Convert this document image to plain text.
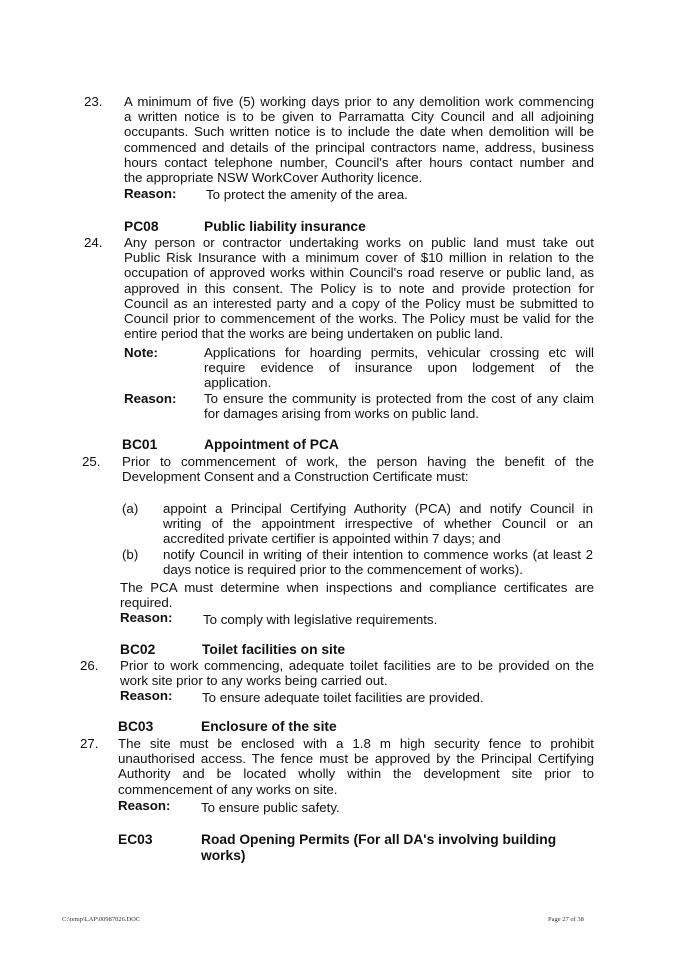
23. A minimum of five (5) working days prior to any demolition work commencing
a written notice is to be given to Parramatta City Council and all adjoining
occupants. Such written notice is to include the date when demolition will be
commenced and details of the principal contractors name, address, business
hours contact telephone number, Council's after hours contact number and
the appropriate NSW WorkCover Authority licence.
Reason: To protect the amenity of the area.
PC08	Public liability insurance
24. Any person or contractor undertaking works on public land must take out
Public Risk Insurance with a minimum cover of $10 million in relation to the
occupation of approved works within Council's road reserve or public land, as
approved in this consent. The Policy is to note and provide protection for
Council as an interested party and a copy of the Policy must be submitted to
Council prior to commencement of the works. The Policy must be valid for the
entire period that the works are being undertaken on public land.
Note:	Applications for hoarding permits, vehicular crossing etc will
require evidence of insurance upon lodgement of the
application.
Reason: To ensure the community is protected from the cost of any claim
for damages arising from works on public land.
BC01	Appointment of PCA
25. Prior to commencement of work, the person having the benefit of the
Development Consent and a Construction Certificate must:
(a) appoint a Principal Certifying Authority (PCA) and notify Council in
writing of the appointment irrespective of whether Council or an
accredited private certifier is appointed within 7 days; and
(b) notify Council in writing of their intention to commence works (at least 2
days notice is required prior to the commencement of works).
The PCA must determine when inspections and compliance certificates are
required.
Reason: To comply with legislative requirements.
BC02	Toilet facilities on site
26. Prior to work commencing, adequate toilet facilities are to be provided on the
work site prior to any works being carried out.
Reason: To ensure adequate toilet facilities are provided.
BC03	Enclosure of the site
27. The site must be enclosed with a 1.8 m high security fence to prohibit
unauthorised access. The fence must be approved by the Principal Certifying
Authority and be located wholly within the development site prior to
commencement of any works on site.
Reason: To ensure public safety.
EC03	Road Opening Permits (For all DA's involving building
works)
C:\temp\LAP\00987026.DOC	Page 27 of 38
